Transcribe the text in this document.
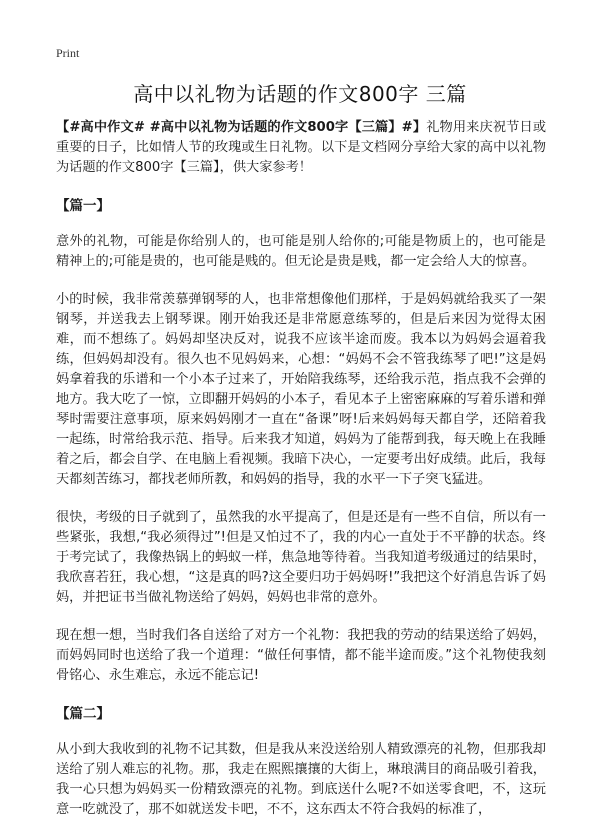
Print
高中以礼物为话题的作文800字 三篇

【#高中作文# #高中以礼物为话题的作文800字【三篇】#】礼物用来庆祝节日或重要的日子，比如情人节的玫瑰或生日礼物。以下是文档网分享给大家的高中以礼物为话题的作文800字【三篇】，供大家参考！

【篇一】

意外的礼物，可能是你给别人的，也可能是别人给你的;可能是物质上的，也可能是精神上的;可能是贵的，也可能是贱的。但无论是贵是贱，都一定会给人大的惊喜。

小的时候，我非常羡慕弹钢琴的人，也非常想像他们那样，于是妈妈就给我买了一架钢琴，并送我去上钢琴课。刚开始我还是非常愿意练琴的，但是后来因为觉得太困难，而不想练了。妈妈却坚决反对，说我不应该半途而废。我本以为妈妈会逼着我练，但妈妈却没有。很久也不见妈妈来，心想：“妈妈不会不管我练琴了吧!”这是妈妈拿着我的乐谱和一个小本子过来了，开始陪我练琴，还给我示范，指点我不会弹的地方。我大吃了一惊，立即翻开妈妈的小本子，看见本子上密密麻麻的写着乐谱和弹琴时需要注意事项，原来妈妈刚才一直在“备课”呀!后来妈妈每天都自学，还陪着我一起练，时常给我示范、指导。后来我才知道，妈妈为了能帮到我，每天晚上在我睡着之后，都会自学、在电脑上看视频。我暗下决心，一定要考出好成绩。此后，我每天都刻苦练习，都找老师所教，和妈妈的指导，我的水平一下子突飞猛进。

很快，考级的日子就到了，虽然我的水平提高了，但是还是有一些不自信，所以有一些紧张，我想,“我必须得过”!但是又怕过不了，我的内心一直处于不平静的状态。终于考完试了，我像热锅上的蚂蚁一样，焦急地等待着。当我知道考级通过的结果时，我欣喜若狂，我心想，“这是真的吗?这全要归功于妈妈呀!”我把这个好消息告诉了妈妈，并把证书当做礼物送给了妈妈，妈妈也非常的意外。

现在想一想，当时我们各自送给了对方一个礼物：我把我的劳动的结果送给了妈妈，而妈妈同时也送给了我一个道理：“做任何事情，都不能半途而废。”这个礼物使我刻骨铭心、永生难忘，永远不能忘记!

【篇二】

从小到大我收到的礼物不记其数，但是我从来没送给别人精致漂亮的礼物，但那我却送给了别人难忘的礼物。那，我走在熙熙攘攘的大街上，琳琅满目的商品吸引着我，我一心只想为妈妈买一份精致漂亮的礼物。到底送什么呢?不如送零食吧，不，这玩意一吃就没了，那不如就送发卡吧，不不，这东西太不符合我妈的标准了，
